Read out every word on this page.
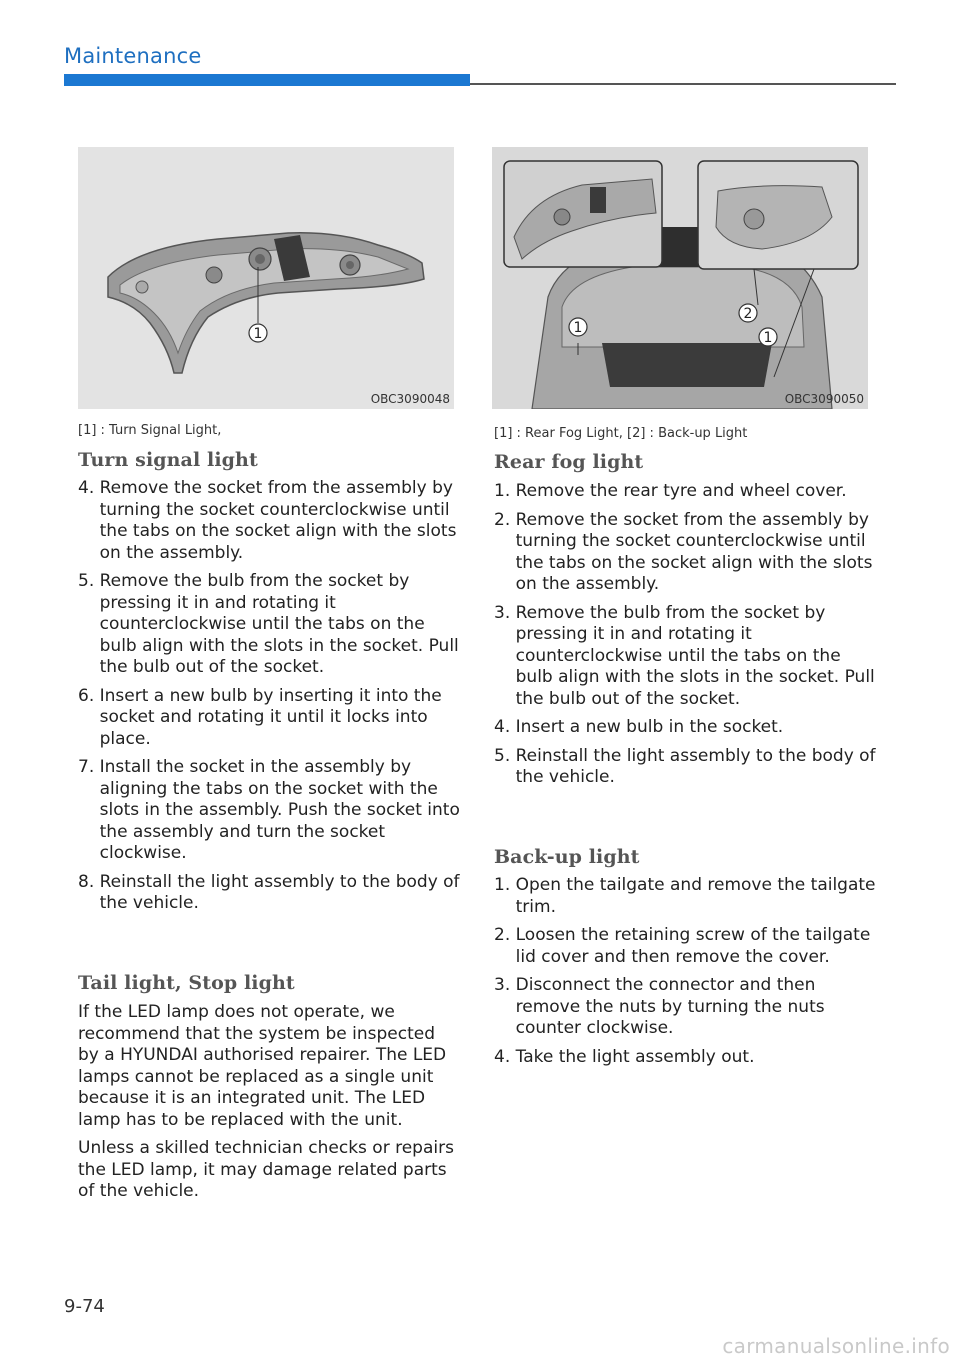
Maintenance
1
OBC3090048
1
2
1
OBC3090050
[1] : Turn Signal Light,	[1] : Rear Fog Light, [2] : Back-up Light
Turn signal light
4. Remove the socket from the assembly by turning the socket counterclockwise until the tabs on the socket align with the slots on the assembly.
5. Remove the bulb from the socket by pressing it in and rotating it counterclockwise until the tabs on the bulb align with the slots in the socket. Pull the bulb out of the socket.
6. Insert a new bulb by inserting it into the socket and rotating it until it locks into place.
7. Install the socket in the assembly by aligning the tabs on the socket with the slots in the assembly. Push the socket into the assembly and turn the socket clockwise.
8. Reinstall the light assembly to the body of the vehicle.
Tail light, Stop light

If the LED lamp does not operate, we recommend that the system be inspected by a HYUNDAI authorised repairer. The LED lamps cannot be replaced as a single unit because it is an integrated unit. The LED lamp has to be replaced with the unit.

Unless a skilled technician checks or repairs the LED lamp, it may damage related parts of the vehicle.

Rear fog light
1. Remove the rear tyre and wheel cover.
2. Remove the socket from the assembly by turning the socket counterclockwise until the tabs on the socket align with the slots on the assembly.
3. Remove the bulb from the socket by pressing it in and rotating it counterclockwise until the tabs on the bulb align with the slots in the socket. Pull the bulb out of the socket.
4. Insert a new bulb in the socket.
5. Reinstall the light assembly to the body of the vehicle.
Back-up light
1. Open the tailgate and remove the tailgate trim.
2. Loosen the retaining screw of the tailgate lid cover and then remove the cover.
3. Disconnect the connector and then remove the nuts by turning the nuts counter clockwise.
4. Take the light assembly out.
9-74
carmanualsonline.info
